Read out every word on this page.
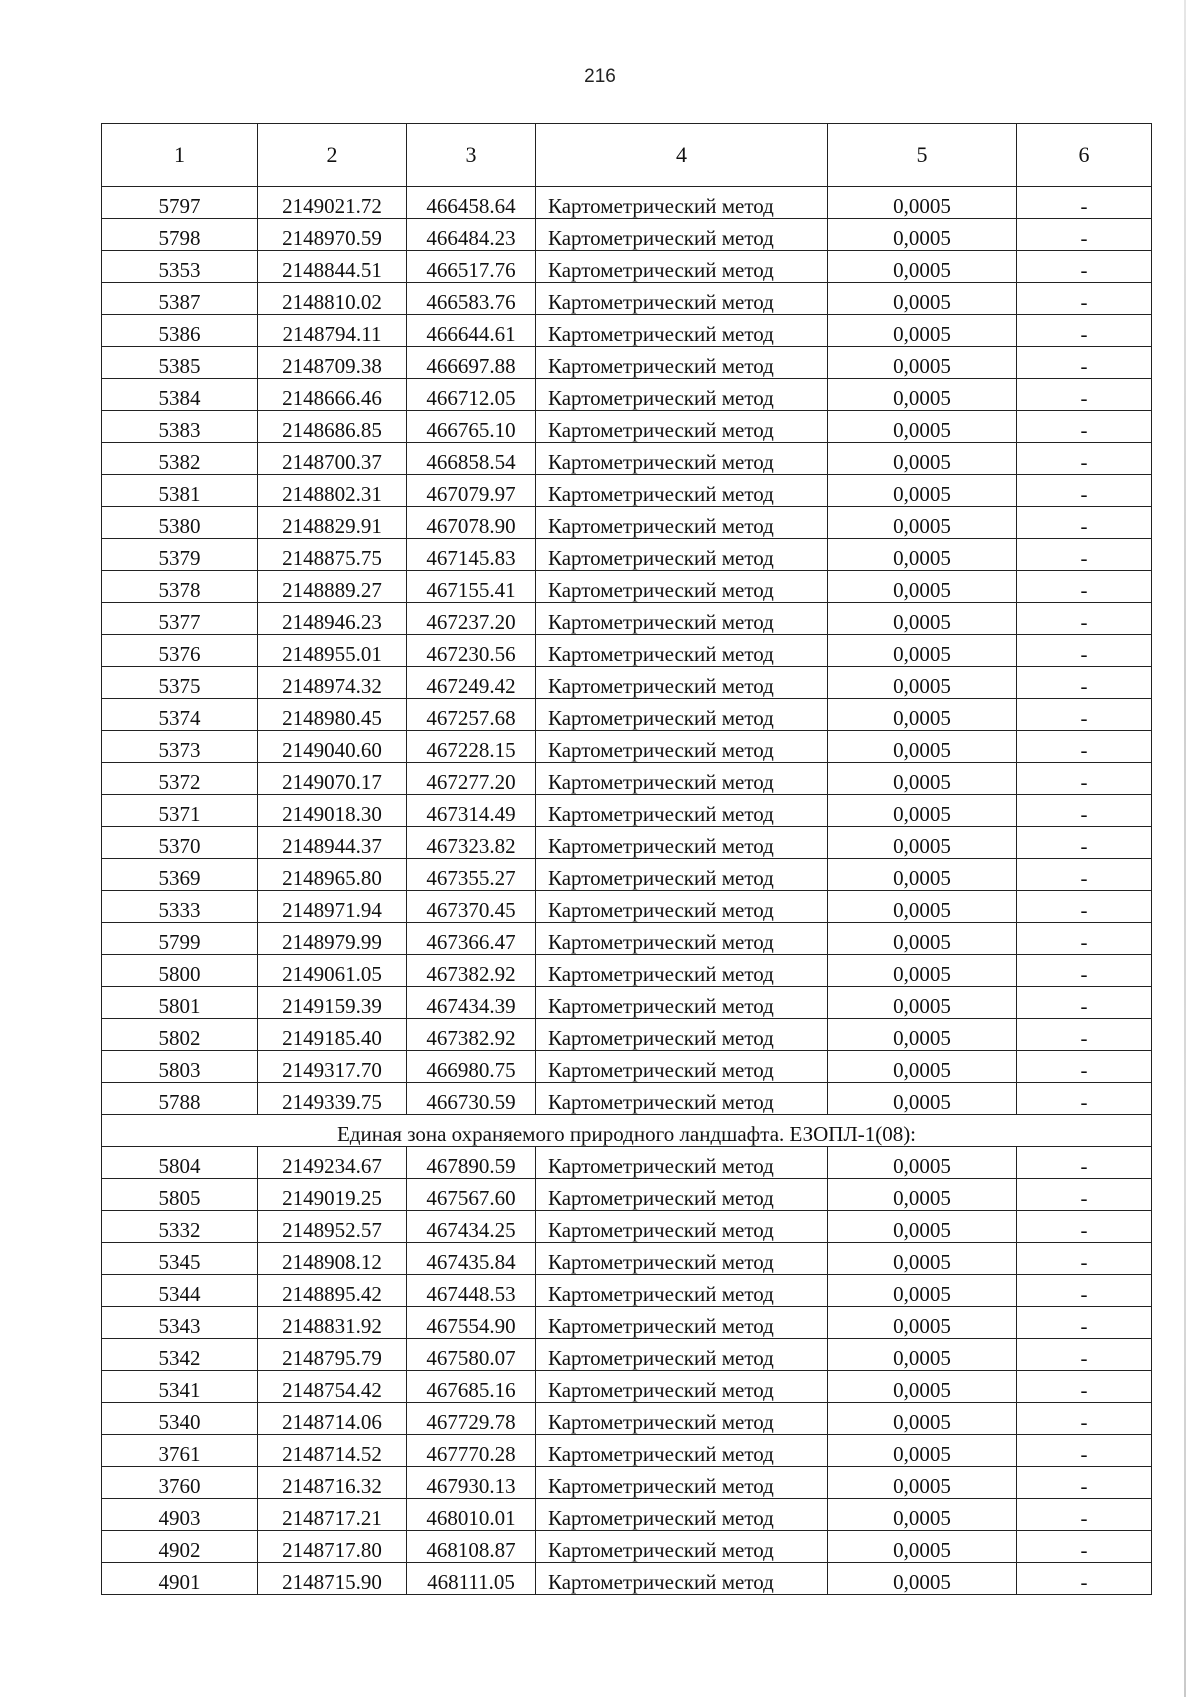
216
1	2	3	4	5	6
5797	2149021.72	466458.64	Картометрический метод	0,0005	-
5798	2148970.59	466484.23	Картометрический метод	0,0005	-
5353	2148844.51	466517.76	Картометрический метод	0,0005	-
5387	2148810.02	466583.76	Картометрический метод	0,0005	-
5386	2148794.11	466644.61	Картометрический метод	0,0005	-
5385	2148709.38	466697.88	Картометрический метод	0,0005	-
5384	2148666.46	466712.05	Картометрический метод	0,0005	-
5383	2148686.85	466765.10	Картометрический метод	0,0005	-
5382	2148700.37	466858.54	Картометрический метод	0,0005	-
5381	2148802.31	467079.97	Картометрический метод	0,0005	-
5380	2148829.91	467078.90	Картометрический метод	0,0005	-
5379	2148875.75	467145.83	Картометрический метод	0,0005	-
5378	2148889.27	467155.41	Картометрический метод	0,0005	-
5377	2148946.23	467237.20	Картометрический метод	0,0005	-
5376	2148955.01	467230.56	Картометрический метод	0,0005	-
5375	2148974.32	467249.42	Картометрический метод	0,0005	-
5374	2148980.45	467257.68	Картометрический метод	0,0005	-
5373	2149040.60	467228.15	Картометрический метод	0,0005	-
5372	2149070.17	467277.20	Картометрический метод	0,0005	-
5371	2149018.30	467314.49	Картометрический метод	0,0005	-
5370	2148944.37	467323.82	Картометрический метод	0,0005	-
5369	2148965.80	467355.27	Картометрический метод	0,0005	-
5333	2148971.94	467370.45	Картометрический метод	0,0005	-
5799	2148979.99	467366.47	Картометрический метод	0,0005	-
5800	2149061.05	467382.92	Картометрический метод	0,0005	-
5801	2149159.39	467434.39	Картометрический метод	0,0005	-
5802	2149185.40	467382.92	Картометрический метод	0,0005	-
5803	2149317.70	466980.75	Картометрический метод	0,0005	-
5788	2149339.75	466730.59	Картометрический метод	0,0005	-
Единая зона охраняемого природного ландшафта. ЕЗОПЛ-1(08):					
5804	2149234.67	467890.59	Картометрический метод	0,0005	-
5805	2149019.25	467567.60	Картометрический метод	0,0005	-
5332	2148952.57	467434.25	Картометрический метод	0,0005	-
5345	2148908.12	467435.84	Картометрический метод	0,0005	-
5344	2148895.42	467448.53	Картометрический метод	0,0005	-
5343	2148831.92	467554.90	Картометрический метод	0,0005	-
5342	2148795.79	467580.07	Картометрический метод	0,0005	-
5341	2148754.42	467685.16	Картометрический метод	0,0005	-
5340	2148714.06	467729.78	Картометрический метод	0,0005	-
3761	2148714.52	467770.28	Картометрический метод	0,0005	-
3760	2148716.32	467930.13	Картометрический метод	0,0005	-
4903	2148717.21	468010.01	Картометрический метод	0,0005	-
4902	2148717.80	468108.87	Картометрический метод	0,0005	-
4901	2148715.90	468111.05	Картометрический метод	0,0005	-
